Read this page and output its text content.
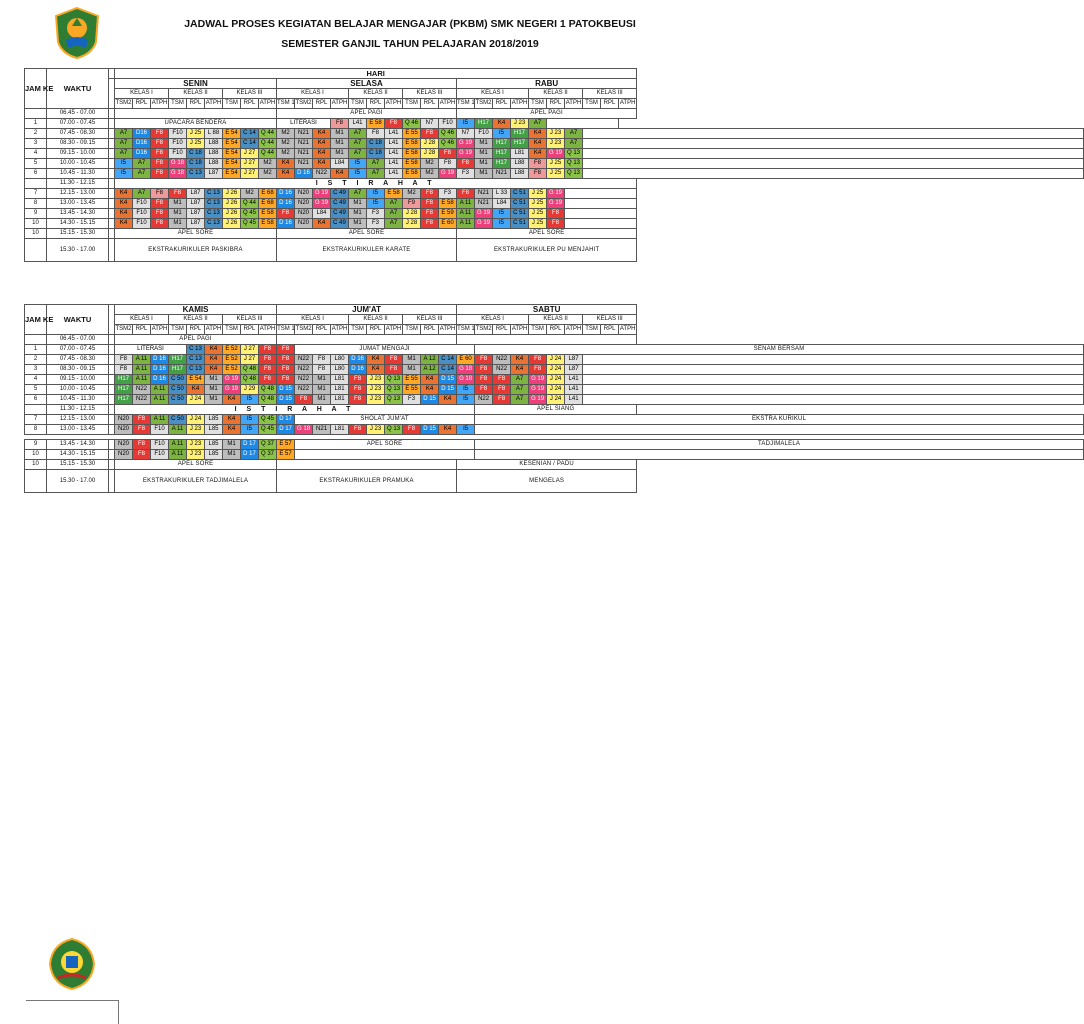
JADWAL PROSES KEGIATAN BELAJAR MENGAJAR (PKBM) SMK NEGERI 1 PATOKBEUSI
SEMESTER GANJIL TAHUN PELAJARAN 2018/2019
JAM KE	WAKTU		HARI																												
			SENIN									SELASA										RABU									
			KELAS I			KELAS II			KELAS III			KELAS I				KELAS II			KELAS III			KELAS I				KELAS II			KELAS III		
			TSM2	RPL	ATPH	TSM	RPL	ATPH	TSM	RPL	ATPH	TSM 1	TSM2	RPL	ATPH	TSM	RPL	ATPH	TSM	RPL	ATPH	TSM 1	TSM2	RPL	ATPH	TSM	RPL	ATPH	TSM	RPL	ATPH
	06.45 - 07.00											APEL PAGI										APEL PAGI									
1	07.00 - 07.45		UPACARA BENDERA									LITERASI			F8	L41	E 58	F8	Q 46	N7	F10	I5	H17	K4	J 23	A7					
2	07.45 - 08.30		A7	D16	F8	F10	J 25	L 88	E 54	C 14	Q 44	M2	N21	K4	M1	A7	F8	L41	E 55	F8	Q 46	N7	F10	I5	H17	K4	J 23	A7			
3	08.30 - 09.15		A7	D16	F8	F10	J 25	L88	E 54	C 14	Q 44	M2	N21	K4	M1	A7	C 18	L41	E 58	J 28	Q 46	G 19	M1	H17	H17	K4	J 23	A7			
4	09.15 - 10.00		A7	D16	F8	F10	C 18	L88	E 54	J 27	Q 44	M2	N21	K4	M1	A7	C 18	L41	E 58	J 28	F8	G 19	M1	H17	L81	K4	G 19	Q 13			
5	10.00 - 10.45		I5	A7	F8	G 18	C 18	L88	E 54	J 27	M2	K4	N21	K4	L84	I5	A7	L41	E 58	M2	F8	F8	M1	H17	L88	F8	J 25	Q 13			
6	10.45 - 11.30		I5	A7	F8	G 18	C 13	L87	E 54	J 27	M2	K4	D 16	N22	K4	I5	A7	L41	E 58	M2	G 19	F3	M1	N21	L88	F8	J 25	Q 13			
	11.30 - 12.15		I S T I R A H A T																												
7	12.15 - 13.00		K4	A7	F8	F8	L87	C 13	J 26	M2	E 68	D 16	N20	G 19	C 49	A7	I5	E 58	M2	F8	F3	F8	N21	L 33	C 51	J 25	G 19				
8	13.00 - 13.45		K4	F10	F8	M1	L87	C 13	J 26	Q 44	E 68	D 16	N20	G 19	C 49	M1	I5	A7	F9	F8	E 58	A 11	N21	L84	C 51	J 25	G 19				
9	13.45 - 14.30		K4	F10	F8	M1	L87	C 13	J 26	Q 45	E 58	F8	N20	L84	C 49	M1	F3	A7	J 28	F8	E 59	A 11	G 19	I5	C 51	J 25	F8				
10	14.30 - 15.15		K4	F10	F8	M1	L87	C 13	J 26	Q 45	E 58	D 16	N20	K4	C 49	M1	F3	A7	J 28	F8	E 60	A 11	G 19	I5	C 51	J 25	F8				
10	15.15 - 15.30		APEL SORE									APEL SORE										APEL SORE									
	15.30 - 17.00		EKSTRAKURIKULER PASKIBRA									EKSTRAKURIKULER KARATE										EKSTRAKURIKULER PU MENJAHIT									
JAM KE	WAKTU		KAMIS									JUM'AT										SABTU									
			KELAS I			KELAS II			KELAS III			KELAS I				KELAS II			KELAS III			KELAS I				KELAS II			KELAS III		
			TSM2	RPL	ATPH	TSM	RPL	ATPH	TSM	RPL	ATPH	TSM 1	TSM2	RPL	ATPH	TSM	RPL	ATPH	TSM	RPL	ATPH	TSM 1	TSM2	RPL	ATPH	TSM	RPL	ATPH	TSM	RPL	ATPH
	06.45 - 07.00		APEL PAGI																												
1	07.00 - 07.45		LITERASI				C 13	K4	E 52	J 27	F8	F8	JUMAT MENGAJI										SENAM BERSAM								
2	07.45 - 08.30		F8	A 11	D 16	H17	C 13	K4	E 52	J 27	F8	F8	N22	F8	L80	D 16	K4	F8	M1	A 12	C 14	E 60	F8	N22	K4	F8	J 24	L87			
3	08.30 - 09.15		F8	A 11	D 16	H17	C 13	K4	E 52	Q 48	F8	F8	N22	F8	L80	D 16	K4	F8	M1	A 12	C 14	G 18	F8	N22	K4	F8	J 24	L87			
4	09.15 - 10.00		H17	A 11	D 16	C 50	E 54	M1	G 19	Q 48	F8	F8	N22	M1	L81	F8	J 23	Q 13	E 55	K4	D 15	G 18	F8	F8	A7	G 19	J 24	L41			
5	10.00 - 10.45		H17	N22	A 11	C 50	K4	M1	G 19	J 29	Q 48	D 15	N22	M1	L81	F8	J 23	Q 13	E 55	K4	D 15	I5	F8	F8	A7	G 19	J 24	L41			
6	10.45 - 11.30		H17	N22	A 11	C 50	J 24	M1	K4	I5	Q 48	D 15	F8	M1	L81	F8	J 23	Q 13	F3	D 15	K4	I5	N22	F8	A7	G 19	J 24	L41			
	11.30 - 12.15		I S T I R A H A T																				APEL SIANG								
7	12.15 - 13.00		N20	F8	A 11	C 50	J 24	L85	K4	I5	Q 45	D 17	SHOLAT JUM'AT										EKSTRA KURIKUL								
8	13.00 - 13.45		N20	F8	F10	A 11	J 23	L85	K4	I5	Q 45	D 17	G 18	N21	L81	F8	J 23	Q 13	F8	D 15	K4	I5									

9	13.45 - 14.30		N20	F8	F10	A 11	J 23	L85	M1	D 17	Q 37	E 57	APEL SORE										TADJIMALELA								
10	14.30 - 15.15		N20	F8	F10	A 11	J 23	L85	M1	D 17	Q 37	E 57																			
10	15.15 - 15.30		APEL SORE																			KESENIAN / PADU									
	15.30 - 17.00		EKSTRAKURIKULER TADJIMALELA									EKSTRAKURIKULER PRAMUKA										MENGELAS									
